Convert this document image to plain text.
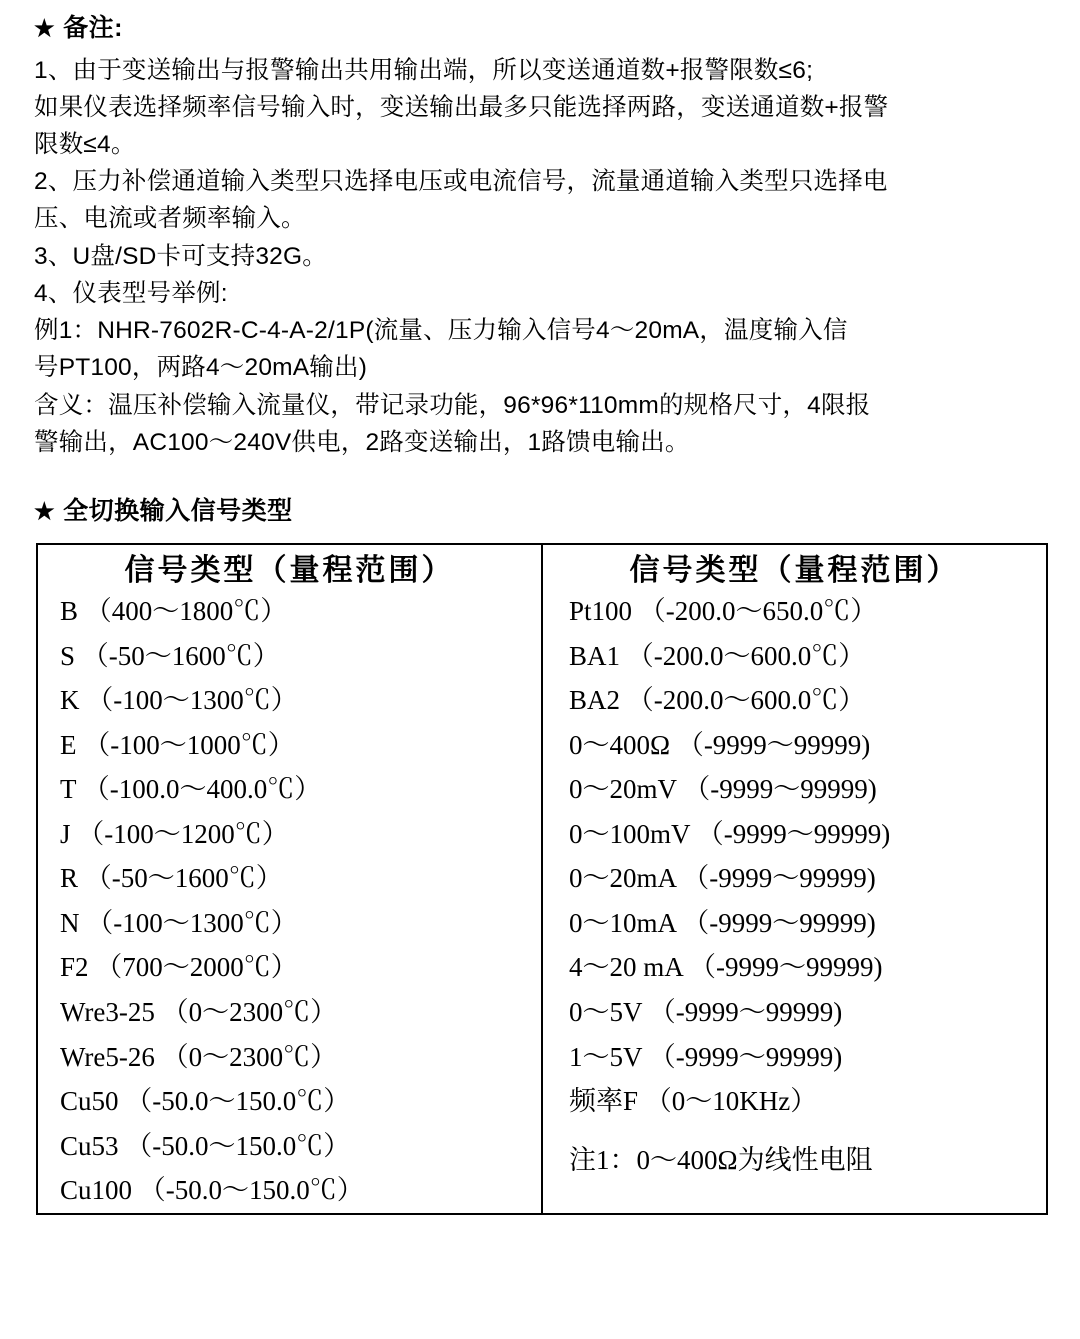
★ 备注:

1、由于变送输出与报警输出共用输出端，所以变送通道数+报警限数≤6;

如果仪表选择频率信号输入时，变送输出最多只能选择两路，变送通道数+报警

限数≤4。

2、压力补偿通道输入类型只选择电压或电流信号，流量通道输入类型只选择电

压、电流或者频率输入。

3、U盘/SD卡可支持32G。

4、仪表型号举例:

例1：NHR-7602R-C-4-A-2/1P(流量、压力输入信号4～20mA，温度输入信

号PT100，两路4～20mA输出)

含义：温压补偿输入流量仪，带记录功能，96*96*110mm的规格尺寸，4限报

警输出，AC100～240V供电，2路变送输出，1路馈电输出。

★ 全切换输入信号类型
信号类型（量程范围）	信号类型（量程范围）

B （400～1800℃）
S （-50～1600℃）
K （-100～1300℃）
E （-100～1000℃）
T （-100.0～400.0℃）
J （-100～1200℃）
R （-50～1600℃）
N （-100～1300℃）
F2 （700～2000℃）
Wre3-25 （0～2300℃）
Wre5-26 （0～2300℃）
Cu50 （-50.0～150.0℃）
Cu53 （-50.0～150.0℃）
Cu100 （-50.0～150.0℃）

Pt100 （-200.0～650.0℃）
BA1 （-200.0～600.0℃）
BA2 （-200.0～600.0℃）
0～400Ω （-9999～99999)
0～20mV （-9999～99999)
0～100mV （-9999～99999)
0～20mA （-9999～99999)
0～10mA （-9999～99999)
4～20 mA （-9999～99999)
0～5V （-9999～99999)
1～5V （-9999～99999)
频率F （0～10KHz）
注1：0～400Ω为线性电阻
